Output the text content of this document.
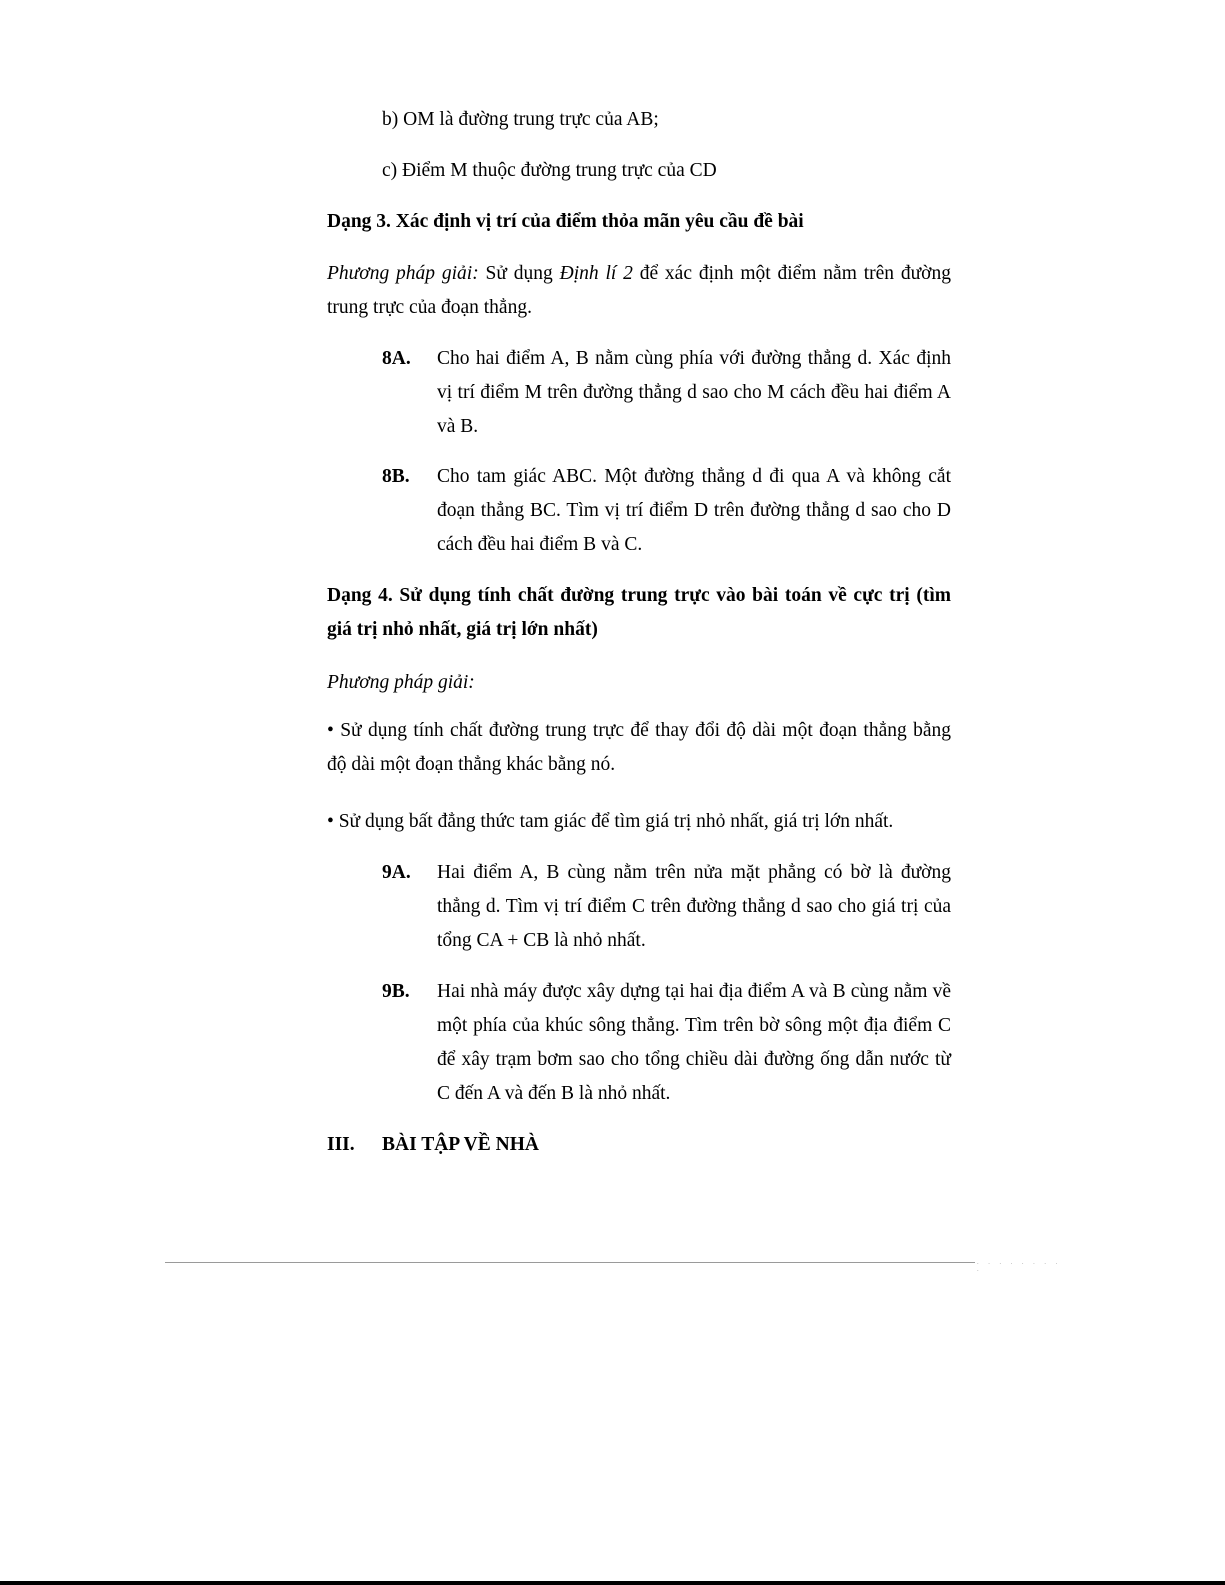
b) OM là đường trung trực của AB;
c) Điểm M thuộc đường trung trực của CD
Dạng 3. Xác định vị trí của điểm thỏa mãn yêu cầu đề bài
Phương pháp giải: Sử dụng Định lí 2 để xác định một điểm nằm trên đường trung trực của đoạn thẳng.
8A. Cho hai điểm A, B nằm cùng phía với đường thẳng d. Xác định vị trí điểm M trên đường thẳng d sao cho M cách đều hai điểm A và B.
8B. Cho tam giác ABC. Một đường thẳng d đi qua A và không cắt đoạn thẳng BC. Tìm vị trí điểm D trên đường thẳng d sao cho D cách đều hai điểm B và C.
Dạng 4. Sử dụng tính chất đường trung trực vào bài toán về cực trị (tìm giá trị nhỏ nhất, giá trị lớn nhất)
Phương pháp giải:
• Sử dụng tính chất đường trung trực để thay đổi độ dài một đoạn thẳng bằng độ dài một đoạn thẳng khác bằng nó.
• Sử dụng bất đẳng thức tam giác để tìm giá trị nhỏ nhất, giá trị lớn nhất.
9A. Hai điểm A, B cùng nằm trên nửa mặt phẳng có bờ là đường thẳng d. Tìm vị trí điểm C trên đường thẳng d sao cho giá trị của tổng CA + CB là nhỏ nhất.
9B. Hai nhà máy được xây dựng tại hai địa điểm A và B cùng nằm về một phía của khúc sông thẳng. Tìm trên bờ sông một địa điểm C để xây trạm bơm sao cho tổng chiều dài đường ống dẫn nước từ C đến A và đến B là nhỏ nhất.
III. BÀI TẬP VỀ NHÀ
. . . . . . . . .
